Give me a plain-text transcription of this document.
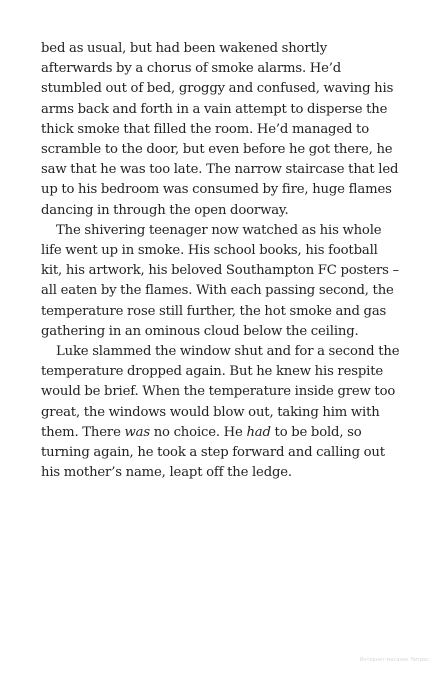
bed as usual, but had been wakened shortly afterwards by a chorus of smoke alarms. He’d stumbled out of bed, groggy and confused, waving his arms back and forth in a vain attempt to disperse the thick smoke that filled the room. He’d managed to scramble to the door, but even before he got there, he saw that he was too late. The narrow staircase that led up to his bedroom was consumed by fire, huge flames dancing in through the open doorway.

The shivering teenager now watched as his whole life went up in smoke. His school books, his football kit, his artwork, his beloved Southampton FC posters – all eaten by the flames. With each passing second, the temperature rose still further, the hot smoke and gas gathering in an ominous cloud below the ceiling.

Luke slammed the window shut and for a second the temperature dropped again. But he knew his respite would be brief. When the temperature inside grew too great, the windows would blow out, taking him with them. There was no choice. He had to be bold, so turning again, he took a step forward and calling out his mother’s name, leapt off the ledge.

Интернет-магазин Литрес
